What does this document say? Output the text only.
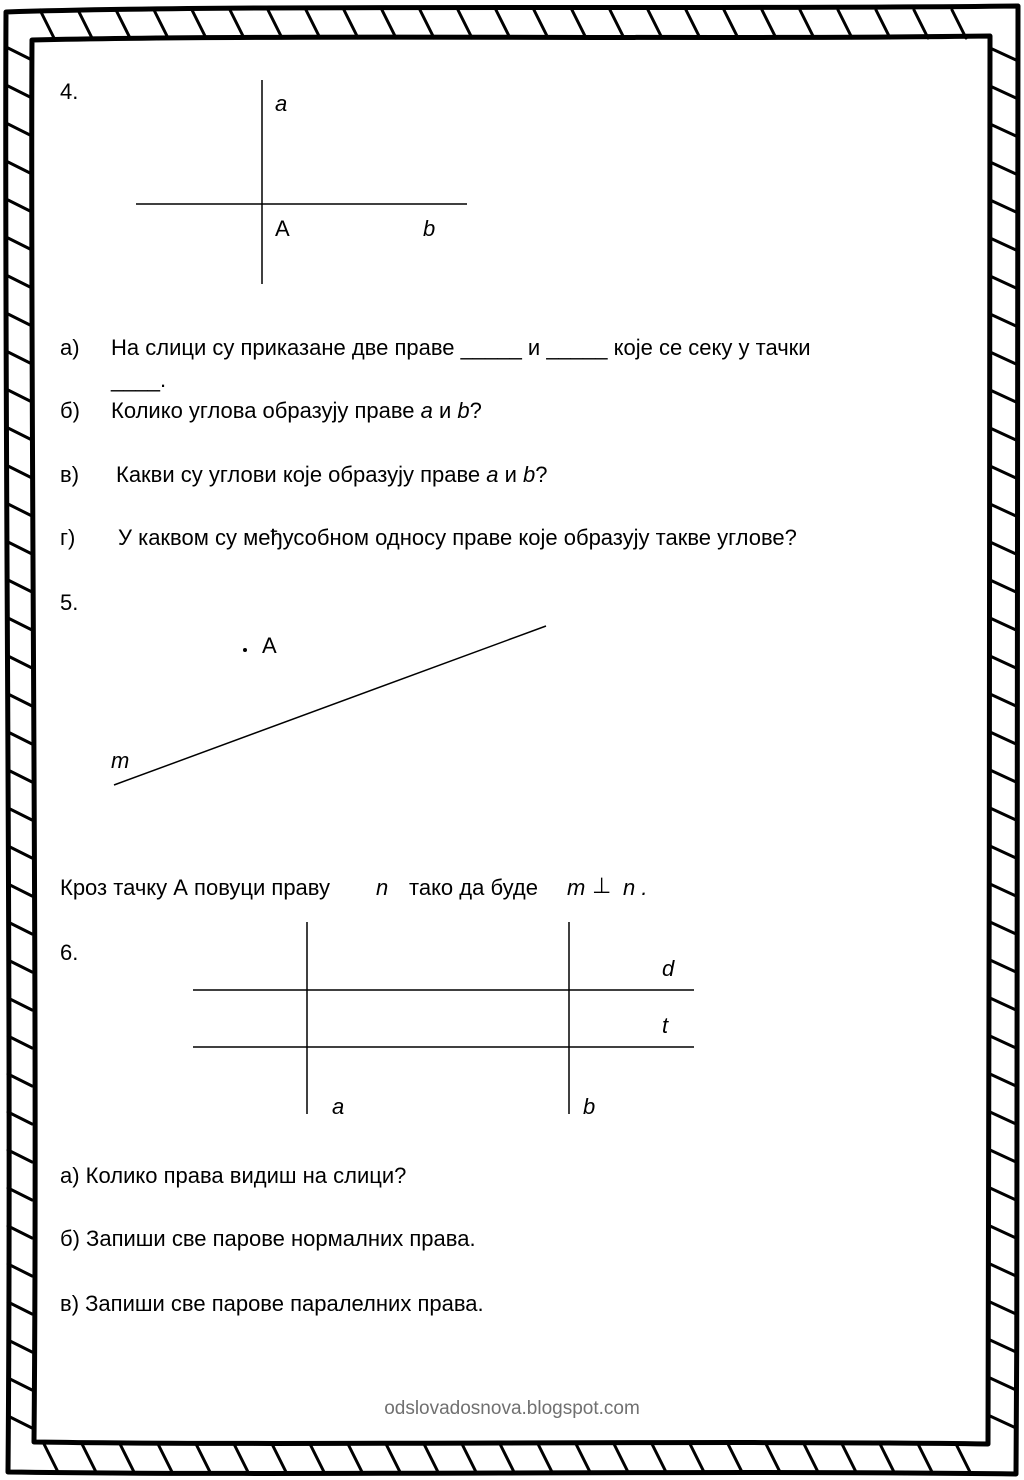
4.	a
A	b
а) На слици су приказане две праве _____ и _____ које се секу у тачки
____.
б) Колико углова образују праве a и b?
в) Какви су углови које образују праве a и b?
г) У каквом су међусобном односу праве које образују такве углове?
5.
A
m
Кроз тачку А повуци праву n тако да буде m ⊥ n .
6.
d
t
a	b
а) Колико права видиш на слици?
б) Запиши све парове нормалних права.
в) Запиши све парове паралелних права.
odslovadosnova.blogspot.com
